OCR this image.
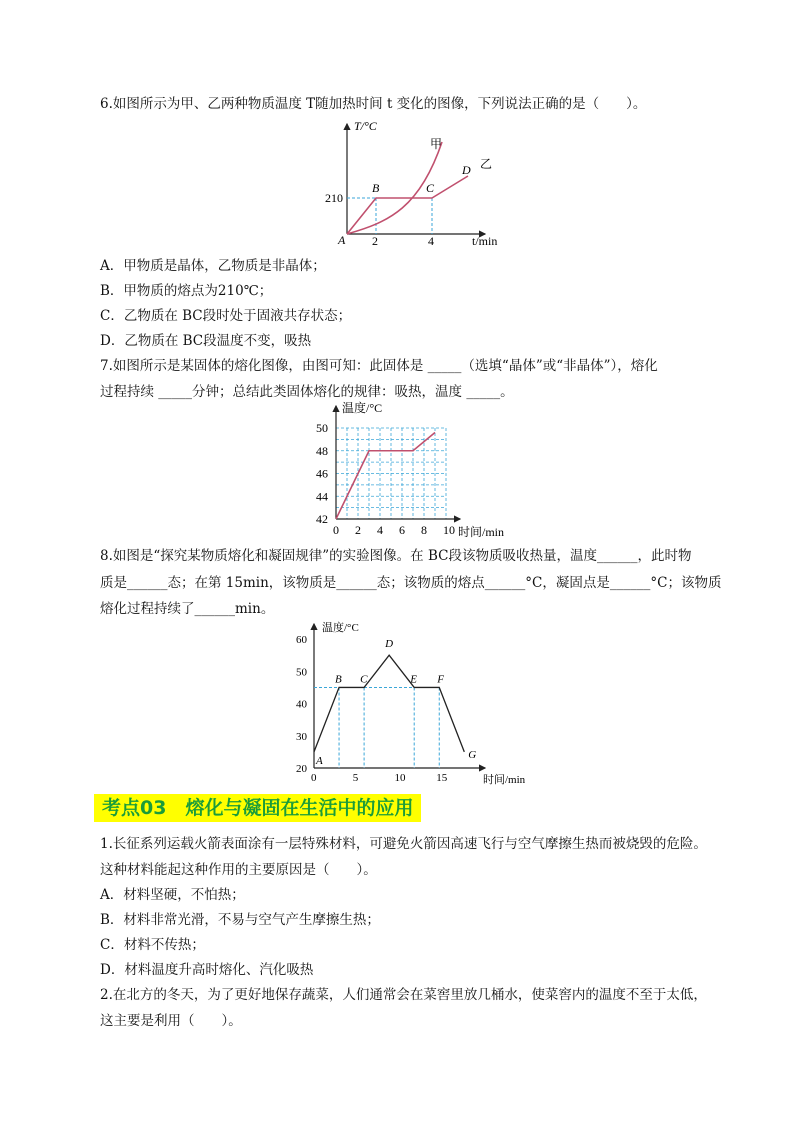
6.如图所示为甲、乙两种物质温度 T随加热时间 t 变化的图像，下列说法正确的是（　　）。
T/°C
t/min
210
2	4
甲
乙
A
B	C
D
A．甲物质是晶体，乙物质是非晶体；
B．甲物质的熔点为210℃；
C．乙物质在 BC段时处于固液共存状态；
D．乙物质在 BC段温度不变，吸热
7.如图所示是某固体的熔化图像，由图可知：此固体是 _____（选填“晶体”或“非晶体”），熔化
过程持续 _____分钟；总结此类固体熔化的规律：吸热，温度 _____。
温度/°C
时间/min
0 2 4 6 8 10
42
44
46
48
50
8.如图是“探究某物质熔化和凝固规律”的实验图像。在 BC段该物质吸收热量，温度______，此时物
质是______态；在第 15min，该物质是______态；该物质的熔点______°C，凝固点是______°C；该物质
熔化过程持续了______min。
温度/°C
时间/min
0	5	10	15
20
30
40
50
60
A
B C
D
E F
G
考点03　熔化与凝固在生活中的应用
1.长征系列运载火箭表面涂有一层特殊材料，可避免火箭因高速飞行与空气摩擦生热而被烧毁的危险。
这种材料能起这种作用的主要原因是（　　）。
A．材料坚硬，不怕热；
B．材料非常光滑，不易与空气产生摩擦生热；
C．材料不传热；
D．材料温度升高时熔化、汽化吸热
2.在北方的冬天，为了更好地保存蔬菜，人们通常会在菜窖里放几桶水，使菜窖内的温度不至于太低，
这主要是利用（　　）。
